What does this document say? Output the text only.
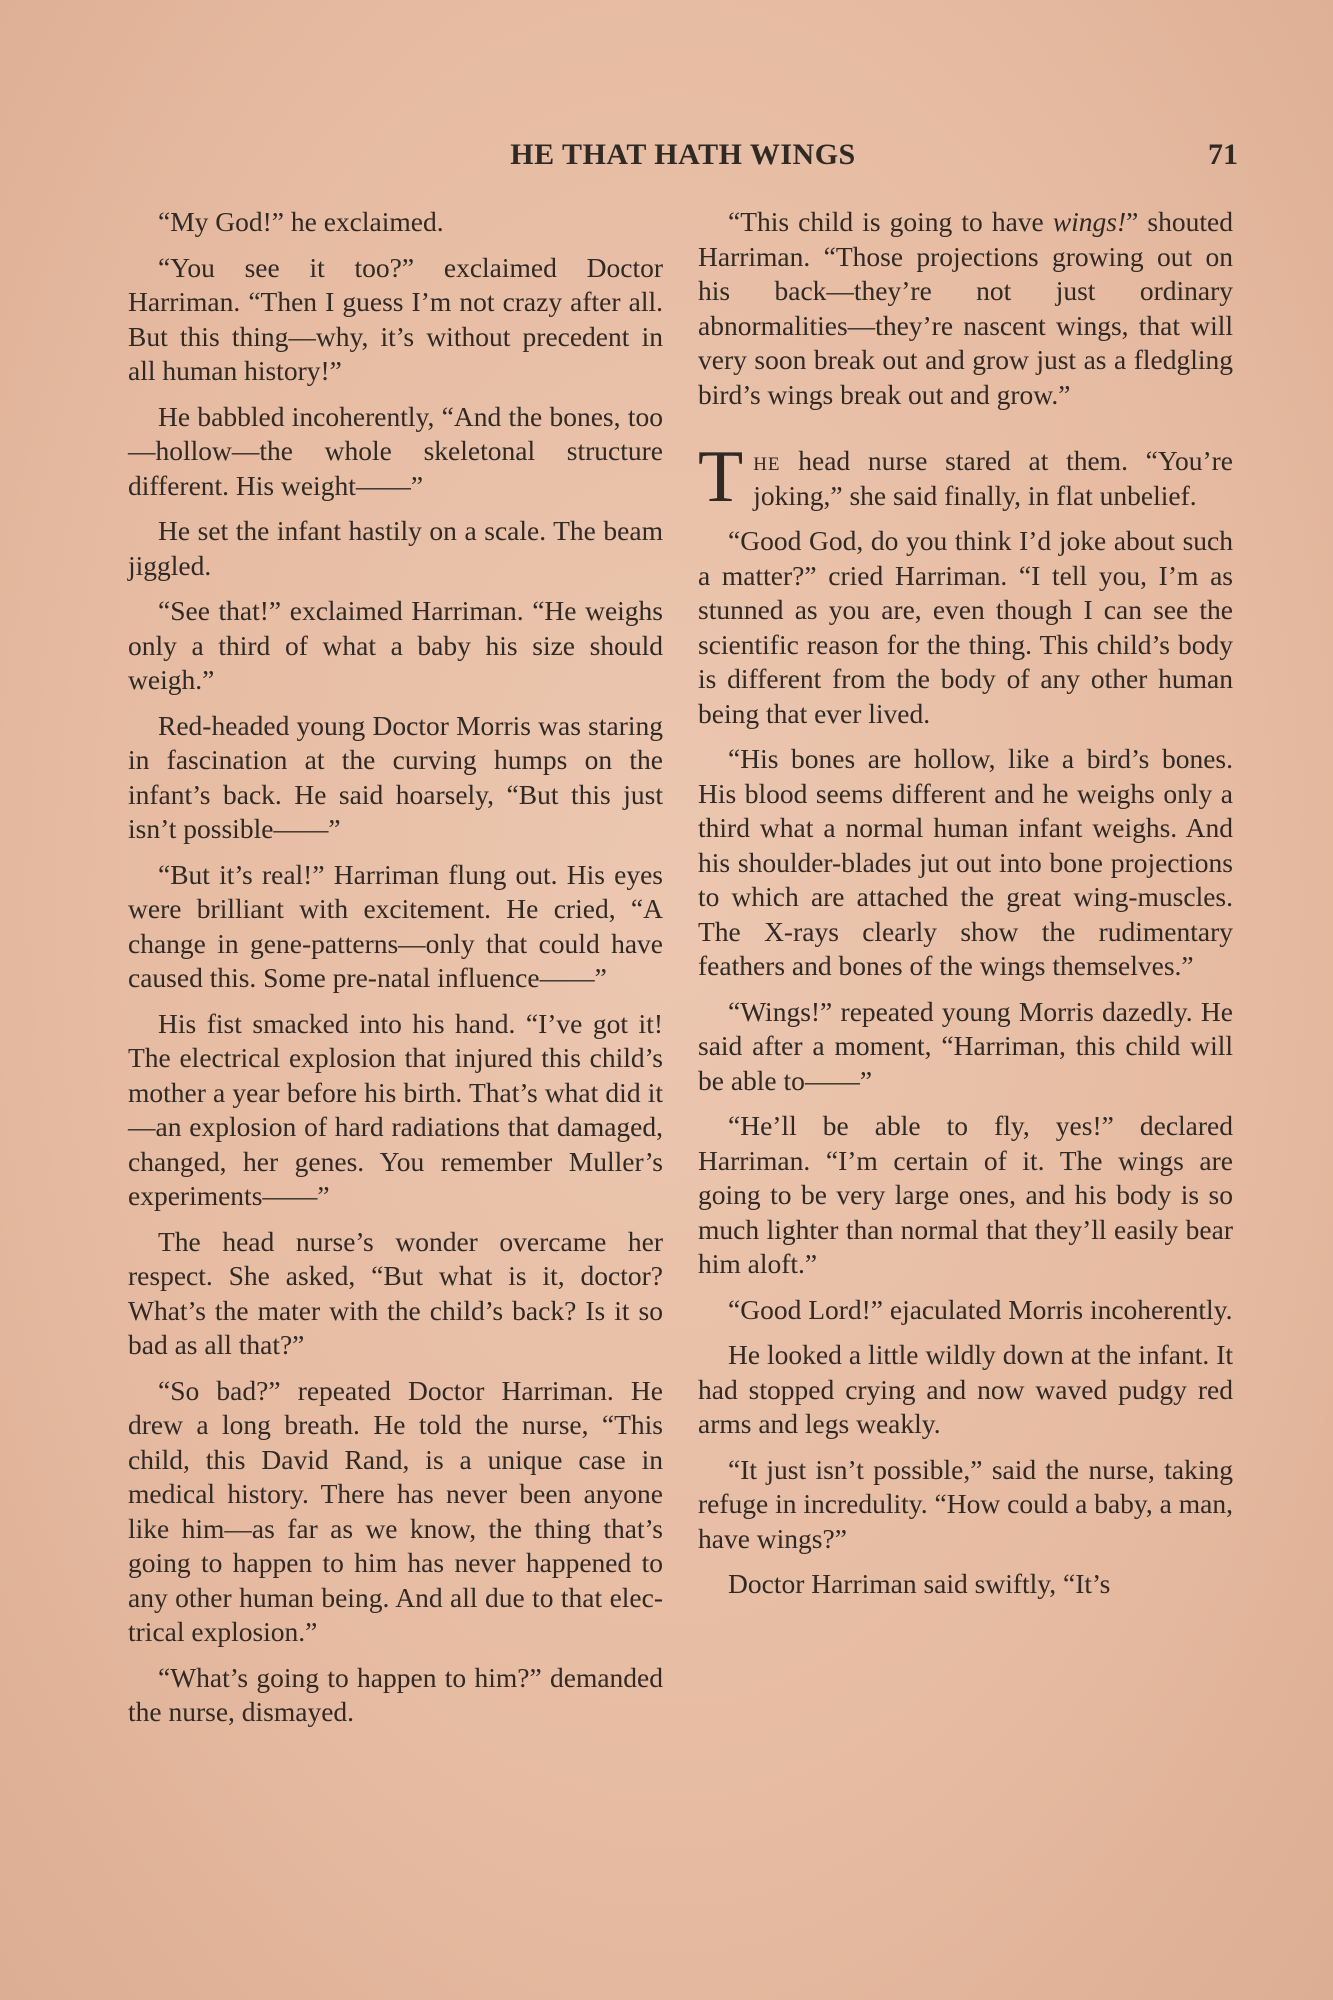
HE THAT HATH WINGS	71

“My God!” he exclaimed.

“You see it too?” exclaimed Doctor Harriman. “Then I guess I’m not crazy after all. But this thing—why, it’s without precedent in all human history!”

He babbled incoherently, “And the bones, too—hollow—the whole skeletonal structure different. His weight——”

He set the infant hastily on a scale. The beam jiggled.

“See that!” exclaimed Harriman. “He weighs only a third of what a baby his size should weigh.”

Red-headed young Doctor Morris was staring in fascination at the curving humps on the infant’s back. He said hoarsely, “But this just isn’t possible——”

“But it’s real!” Harriman flung out. His eyes were brilliant with excitement. He cried, “A change in gene-patterns—only that could have caused this. Some pre-natal influence——”

His fist smacked into his hand. “I’ve got it! The electrical explosion that injured this child’s mother a year before his birth. That’s what did it—an explosion of hard radiations that damaged, changed, her genes. You remember Muller’s experiments——”

The head nurse’s wonder overcame her respect. She asked, “But what is it, doctor? What’s the mater with the child’s back? Is it so bad as all that?”

“So bad?” repeated Doctor Harriman. He drew a long breath. He told the nurse, “This child, this David Rand, is a unique case in medical history. There has never been anyone like him—as far as we know, the thing that’s going to happen to him has never happened to any other human being. And all due to that electrical explosion.”

“What’s going to happen to him?” demanded the nurse, dismayed.

“This child is going to have wings!” shouted Harriman. “Those projections growing out on his back—they’re not just ordinary abnormalities—they’re nascent wings, that will very soon break out and grow just as a fledgling bird’s wings break out and grow.”

The head nurse stared at them. “You’re joking,” she said finally, in flat unbelief.

“Good God, do you think I’d joke about such a matter?” cried Harriman. “I tell you, I’m as stunned as you are, even though I can see the scientific reason for the thing. This child’s body is different from the body of any other human being that ever lived.

“His bones are hollow, like a bird’s bones. His blood seems different and he weighs only a third what a normal human infant weighs. And his shoulder-blades jut out into bone projections to which are attached the great wing-muscles. The X-rays clearly show the rudimentary feathers and bones of the wings themselves.”

“Wings!” repeated young Morris dazedly. He said after a moment, “Harriman, this child will be able to——”

“He’ll be able to fly, yes!” declared Harriman. “I’m certain of it. The wings are going to be very large ones, and his body is so much lighter than normal that they’ll easily bear him aloft.”

“Good Lord!” ejaculated Morris incoherently.

He looked a little wildly down at the infant. It had stopped crying and now waved pudgy red arms and legs weakly.

“It just isn’t possible,” said the nurse, taking refuge in incredulity. “How could a baby, a man, have wings?”

Doctor Harriman said swiftly, “It’s
